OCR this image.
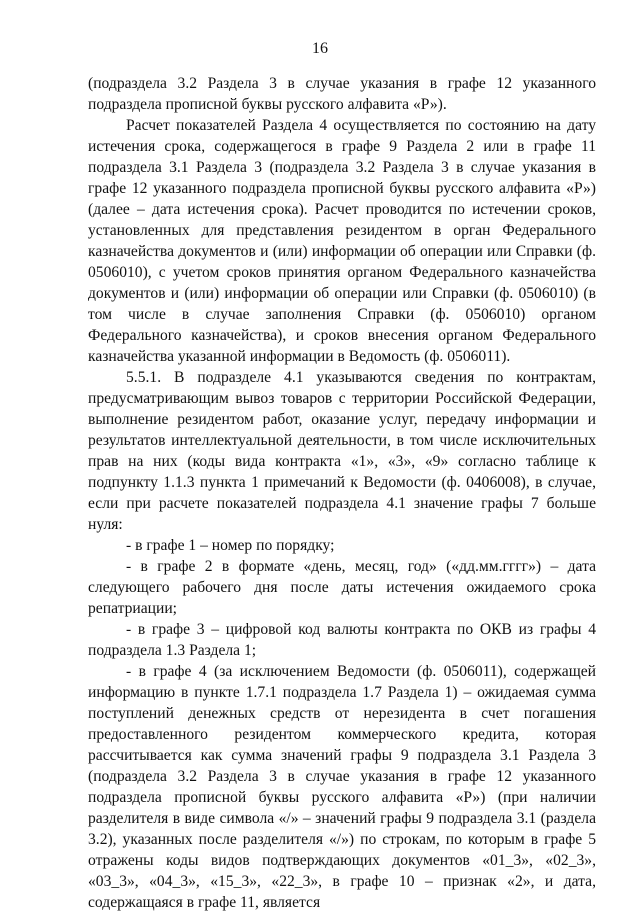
16

(подраздела 3.2 Раздела 3 в случае указания в графе 12 указанного подраздела прописной буквы русского алфавита «Р»).

Расчет показателей Раздела 4 осуществляется по состоянию на дату истечения срока, содержащегося в графе 9 Раздела 2 или в графе 11 подраздела 3.1 Раздела 3 (подраздела 3.2 Раздела 3 в случае указания в графе 12 указанного подраздела прописной буквы русского алфавита «Р») (далее – дата истечения срока). Расчет проводится по истечении сроков, установленных для представления резидентом в орган Федерального казначейства документов и (или) информации об операции или Справки (ф. 0506010), с учетом сроков принятия органом Федерального казначейства документов и (или) информации об операции или Справки (ф. 0506010) (в том числе в случае заполнения Справки (ф. 0506010) органом Федерального казначейства), и сроков внесения органом Федерального казначейства указанной информации в Ведомость (ф. 0506011).

5.5.1. В подразделе 4.1 указываются сведения по контрактам, предусматривающим вывоз товаров с территории Российской Федерации, выполнение резидентом работ, оказание услуг, передачу информации и результатов интеллектуальной деятельности, в том числе исключительных прав на них (коды вида контракта «1», «3», «9» согласно таблице к подпункту 1.1.3 пункта 1 примечаний к Ведомости (ф. 0406008), в случае, если при расчете показателей подраздела 4.1 значение графы 7 больше нуля:

- в графе 1 – номер по порядку;

- в графе 2 в формате «день, месяц, год» («дд.мм.гггг») – дата следующего рабочего дня после даты истечения ожидаемого срока репатриации;

- в графе 3 – цифровой код валюты контракта по ОКВ из графы 4 подраздела 1.3 Раздела 1;

- в графе 4 (за исключением Ведомости (ф. 0506011), содержащей информацию в пункте 1.7.1 подраздела 1.7 Раздела 1) – ожидаемая сумма поступлений денежных средств от нерезидента в счет погашения предоставленного резидентом коммерческого кредита, которая рассчитывается как сумма значений графы 9 подраздела 3.1 Раздела 3 (подраздела 3.2 Раздела 3 в случае указания в графе 12 указанного подраздела прописной буквы русского алфавита «Р») (при наличии разделителя в виде символа «/» – значений графы 9 подраздела 3.1 (раздела 3.2), указанных после разделителя «/») по строкам, по которым в графе 5 отражены коды видов подтверждающих документов «01_3», «02_3», «03_3», «04_3», «15_3», «22_3», в графе 10 – признак «2», и дата, содержащаяся в графе 11, является
